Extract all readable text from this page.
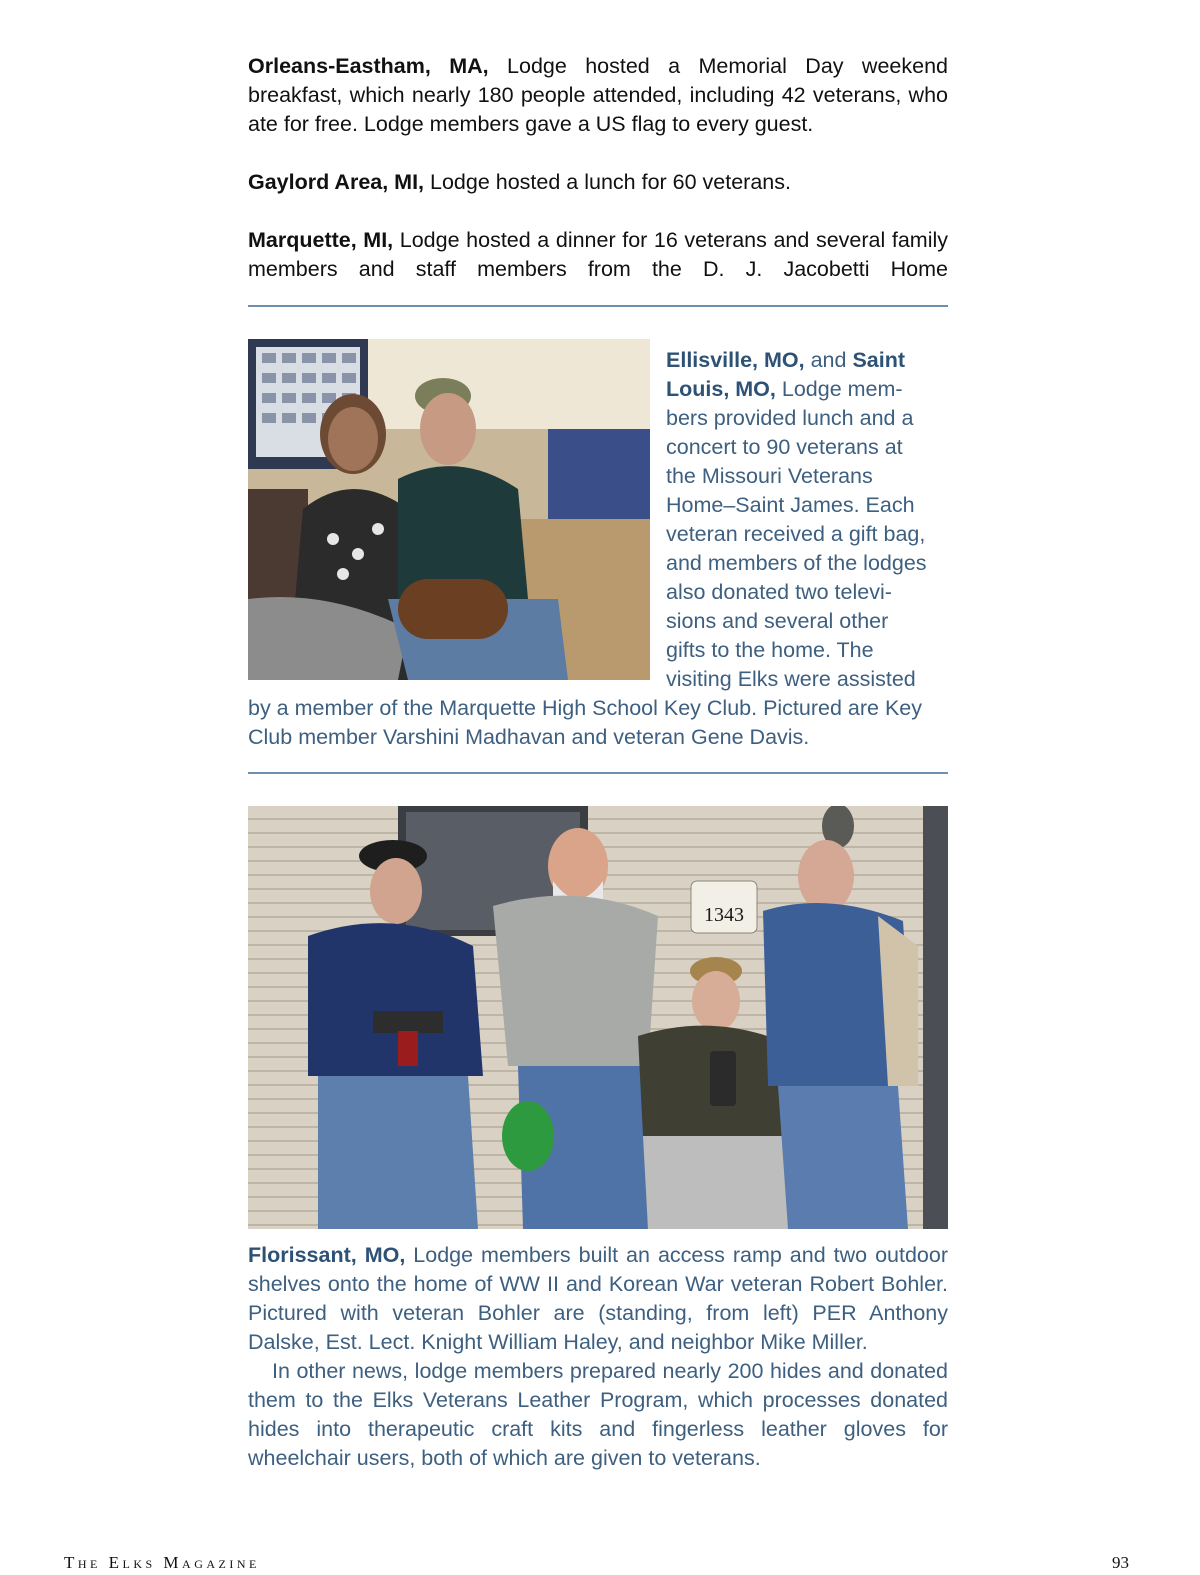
Orleans-Eastham, MA, Lodge hosted a Memorial Day weekend breakfast, which nearly 180 people attended, including 42 veterans, who ate for free. Lodge members gave a US flag to every guest.

Gaylord Area, MI, Lodge hosted a lunch for 60 veterans.

Marquette, MI, Lodge hosted a dinner for 16 veterans and several family members and staff members from the D. J. Jacobetti Home

Ellisville, MO, and Saint
Louis, MO, Lodge mem-
bers provided lunch and a
concert to 90 veterans at
the Missouri Veterans
Home–Saint James. Each
veteran received a gift bag,
and members of the lodges
also donated two televi-
sions and several other
gifts to the home. The
visiting Elks were assisted

by a member of the Marquette High School Key Club. Pictured are Key Club member Varshini Madhavan and veteran Gene Davis.

1343

Florissant, MO, Lodge members built an access ramp and two outdoor shelves onto the home of WW II and Korean War veteran Robert Bohler. Pictured with veteran Bohler are (standing, from left) PER Anthony Dalske, Est. Lect. Knight William Haley, and neighbor Mike Miller.

In other news, lodge members prepared nearly 200 hides and donated them to the Elks Veterans Leather Program, which processes donated hides into therapeutic craft kits and fingerless leather gloves for wheelchair users, both of which are given to veterans.

The Elks Magazine	93
